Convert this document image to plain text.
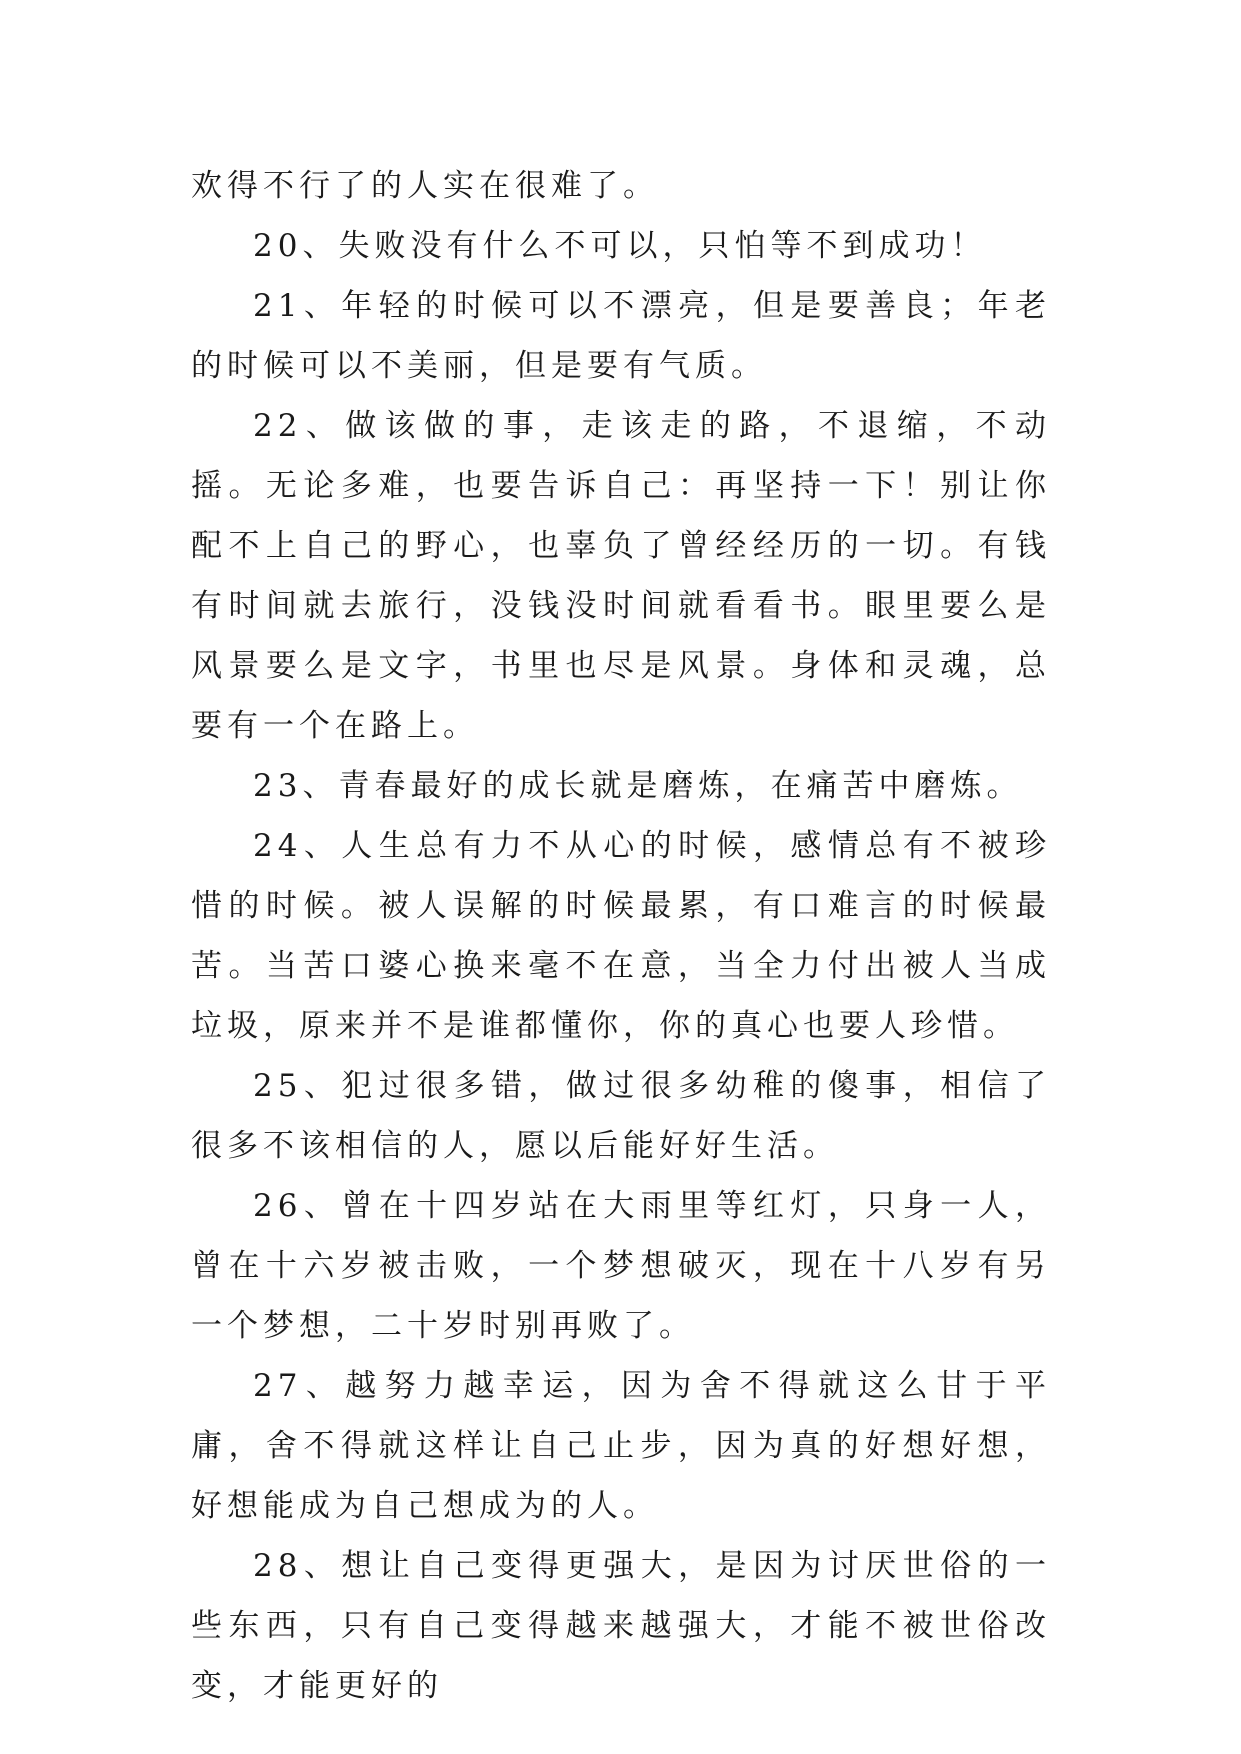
欢得不行了的人实在很难了。

20、失败没有什么不可以，只怕等不到成功！

21、年轻的时候可以不漂亮，但是要善良；年老的时候可以不美丽，但是要有气质。

22、做该做的事，走该走的路，不退缩，不动摇。无论多难，也要告诉自己：再坚持一下！别让你配不上自己的野心，也辜负了曾经经历的一切。有钱有时间就去旅行，没钱没时间就看看书。眼里要么是风景要么是文字，书里也尽是风景。身体和灵魂，总要有一个在路上。

23、青春最好的成长就是磨炼，在痛苦中磨炼。

24、人生总有力不从心的时候，感情总有不被珍惜的时候。被人误解的时候最累，有口难言的时候最苦。当苦口婆心换来毫不在意，当全力付出被人当成垃圾，原来并不是谁都懂你，你的真心也要人珍惜。

25、犯过很多错，做过很多幼稚的傻事，相信了很多不该相信的人，愿以后能好好生活。

26、曾在十四岁站在大雨里等红灯，只身一人，曾在十六岁被击败，一个梦想破灭，现在十八岁有另一个梦想，二十岁时别再败了。

27、越努力越幸运，因为舍不得就这么甘于平庸，舍不得就这样让自己止步，因为真的好想好想，好想能成为自己想成为的人。

28、想让自己变得更强大，是因为讨厌世俗的一些东西，只有自己变得越来越强大，才能不被世俗改变，才能更好的
